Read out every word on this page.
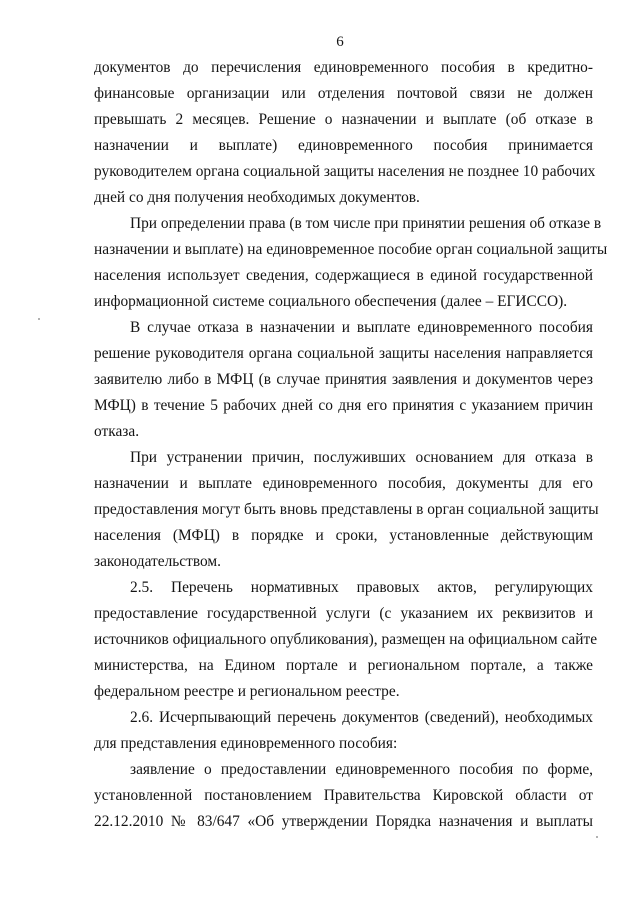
6
документов до перечисления единовременного пособия в кредитно-
финансовые организации или отделения почтовой связи не должен
превышать 2 месяцев. Решение о назначении и выплате (об отказе в
назначении и выплате) единовременного пособия принимается
руководителем органа социальной защиты населения не позднее 10 рабочих
дней со дня получения необходимых документов.
При определении права (в том числе при принятии решения об отказе в
назначении и выплате) на единовременное пособие орган социальной защиты
населения использует сведения, содержащиеся в единой государственной
информационной системе социального обеспечения (далее – ЕГИССО).
В случае отказа в назначении и выплате единовременного пособия
решение руководителя органа социальной защиты населения направляется
заявителю либо в МФЦ (в случае принятия заявления и документов через
МФЦ) в течение 5 рабочих дней со дня его принятия с указанием причин
отказа.
При устранении причин, послуживших основанием для отказа в
назначении и выплате единовременного пособия, документы для его
предоставления могут быть вновь представлены в орган социальной защиты
населения (МФЦ) в порядке и сроки, установленные действующим
законодательством.
2.5. Перечень нормативных правовых актов, регулирующих
предоставление государственной услуги (с указанием их реквизитов и
источников официального опубликования), размещен на официальном сайте
министерства, на Едином портале и региональном портале, а также
федеральном реестре и региональном реестре.
2.6. Исчерпывающий перечень документов (сведений), необходимых
для представления единовременного пособия:
заявление о предоставлении единовременного пособия по форме,
установленной постановлением Правительства Кировской области от
22.12.2010 № 83/647 «Об утверждении Порядка назначения и выплаты
